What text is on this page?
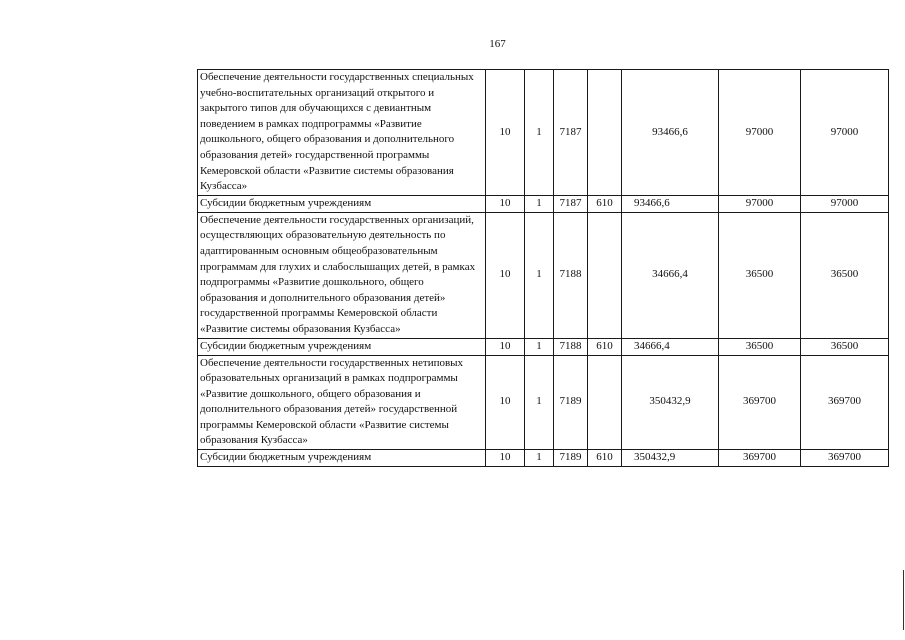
167
Обеспечение деятельности государственных специальных учебно-воспитательных организаций открытого и закрытого типов для обучающихся с девиантным поведением в рамках подпрограммы «Развитие дошкольного, общего образования и дополнительного образования детей» государственной программы Кемеровской области «Развитие системы образования Кузбасса»	10	1	7187		93466,6	97000	97000
Субсидии бюджетным учреждениям	10	1	7187	610	93466,6	97000	97000
Обеспечение деятельности государственных организаций, осуществляющих образовательную деятельность по адаптированным основным общеобразовательным программам для глухих и слабослышащих детей, в рамках подпрограммы «Развитие дошкольного, общего образования и дополнительного образования детей» государственной программы Кемеровской области «Развитие системы образования Кузбасса»	10	1	7188		34666,4	36500	36500
Субсидии бюджетным учреждениям	10	1	7188	610	34666,4	36500	36500
Обеспечение деятельности государственных нетиповых образовательных организаций в рамках подпрограммы «Развитие дошкольного, общего образования и дополнительного образования детей» государственной программы Кемеровской области «Развитие системы образования Кузбасса»	10	1	7189		350432,9	369700	369700
Субсидии бюджетным учреждениям	10	1	7189	610	350432,9	369700	369700
